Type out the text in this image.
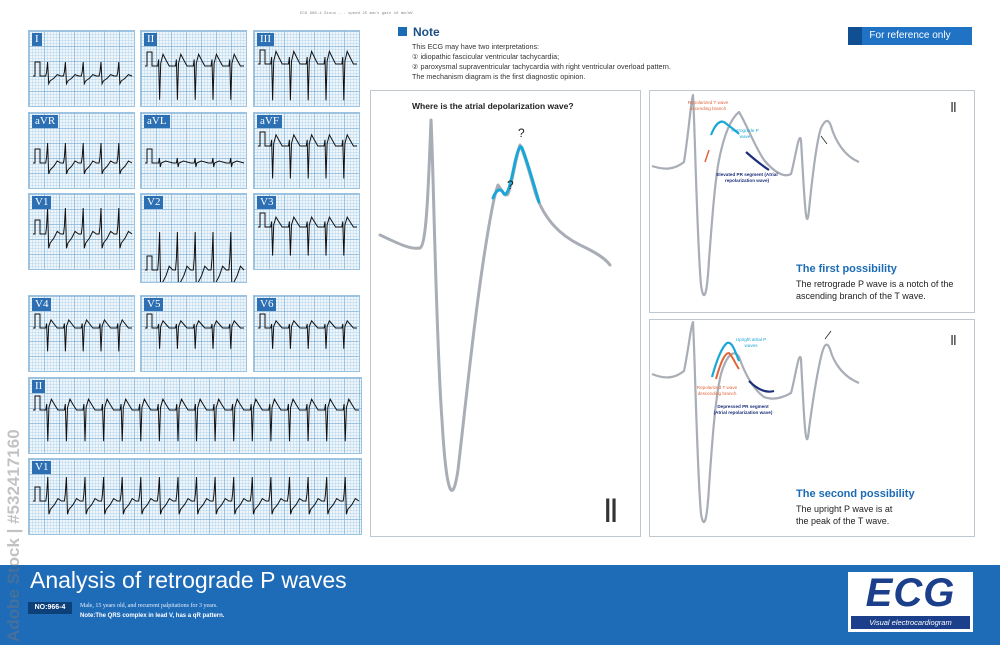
ECG 966-4 Sinus ... speed 25 mm/s gain 10 mm/mV
I	II	III
aVR	aVL	aVF
V1	V2	V3
V4	V5	V6
II
V1
Note
This ECG may have two interpretations:
① idiopathic fascicular ventricular tachycardia;
② paroxysmal supraventricular tachycardia with right ventricular overload pattern.
The mechanism diagram is the first diagnostic opinion.
For reference only
Where is the atrial depolarization wave?
?
?
Ⅱ
Repolarized T wave ascending branch
Retrograde P wave
Elevated PR segment (Atrial repolarization wave)
Ⅱ
The first possibility
The retrograde P wave is a notch of the
ascending branch of the T wave.
Upright atrial P waves
Repolarized T wave descending branch
Depressed PR segment (Atrial repolarization wave)
Ⅱ
The second possibility
The upright P wave is at
the peak of the T wave.
Analysis of retrograde P waves
NO:966-4	Male, 15 years old, and recurrent palpitations for 3 years.
Note:The QRS complex in lead V, has a qR pattern.
ECG
Visual electrocardiogram
Adobe Stock | #532417160
